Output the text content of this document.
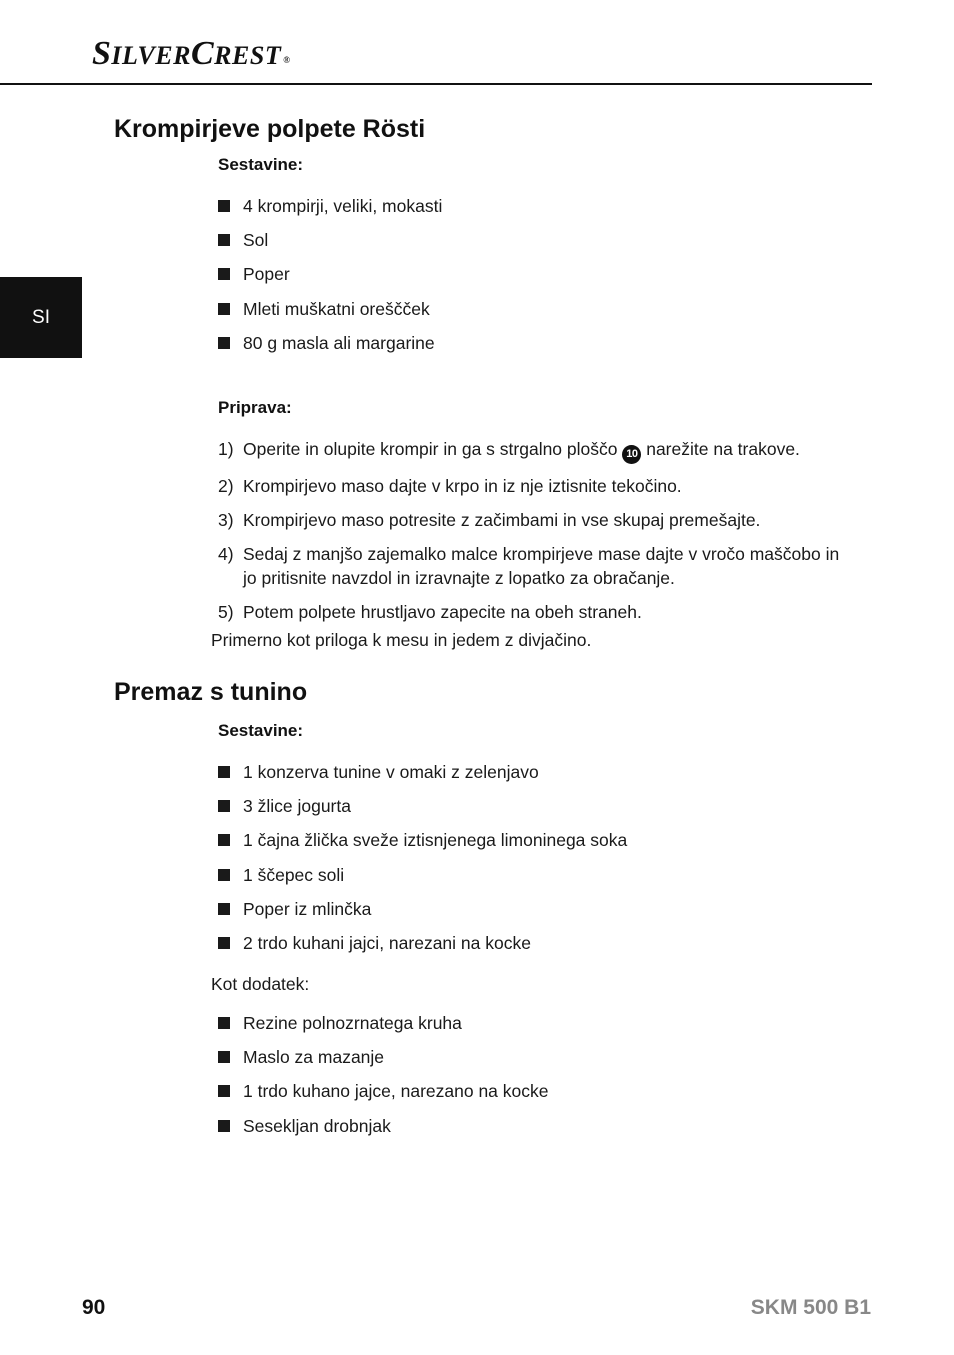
SILVERCREST ®
SI
Krompirjeve polpete Rösti
Sestavine:
4 krompirji, veliki, mokasti
Sol
Poper
Mleti muškatni oreščček
80 g masla ali margarine
Priprava:
1) Operite in olupite krompir in ga s strgalno ploščo 10 narežite na trakove.
2) Krompirjevo maso dajte v krpo in iz nje iztisnite tekočino.
3) Krompirjevo maso potresite z začimbami in vse skupaj premešajte.
4) Sedaj z manjšo zajemalko malce krompirjeve mase dajte v vročo maščobo in jo pritisnite navzdol in izravnajte z lopatko za obračanje.
5) Potem polpete hrustljavo zapecite na obeh straneh.
Primerno kot priloga k mesu in jedem z divjačino.
Premaz s tunino
Sestavine:
1 konzerva tunine v omaki z zelenjavo
3 žlice jogurta
1 čajna žlička sveže iztisnjenega limoninega soka
1 ščepec soli
Poper iz mlinčka
2 trdo kuhani jajci, narezani na kocke
Kot dodatek:
Rezine polnozrnatega kruha
Maslo za mazanje
1 trdo kuhano jajce, narezano na kocke
Sesekljan drobnjak
90	SKM 500 B1
